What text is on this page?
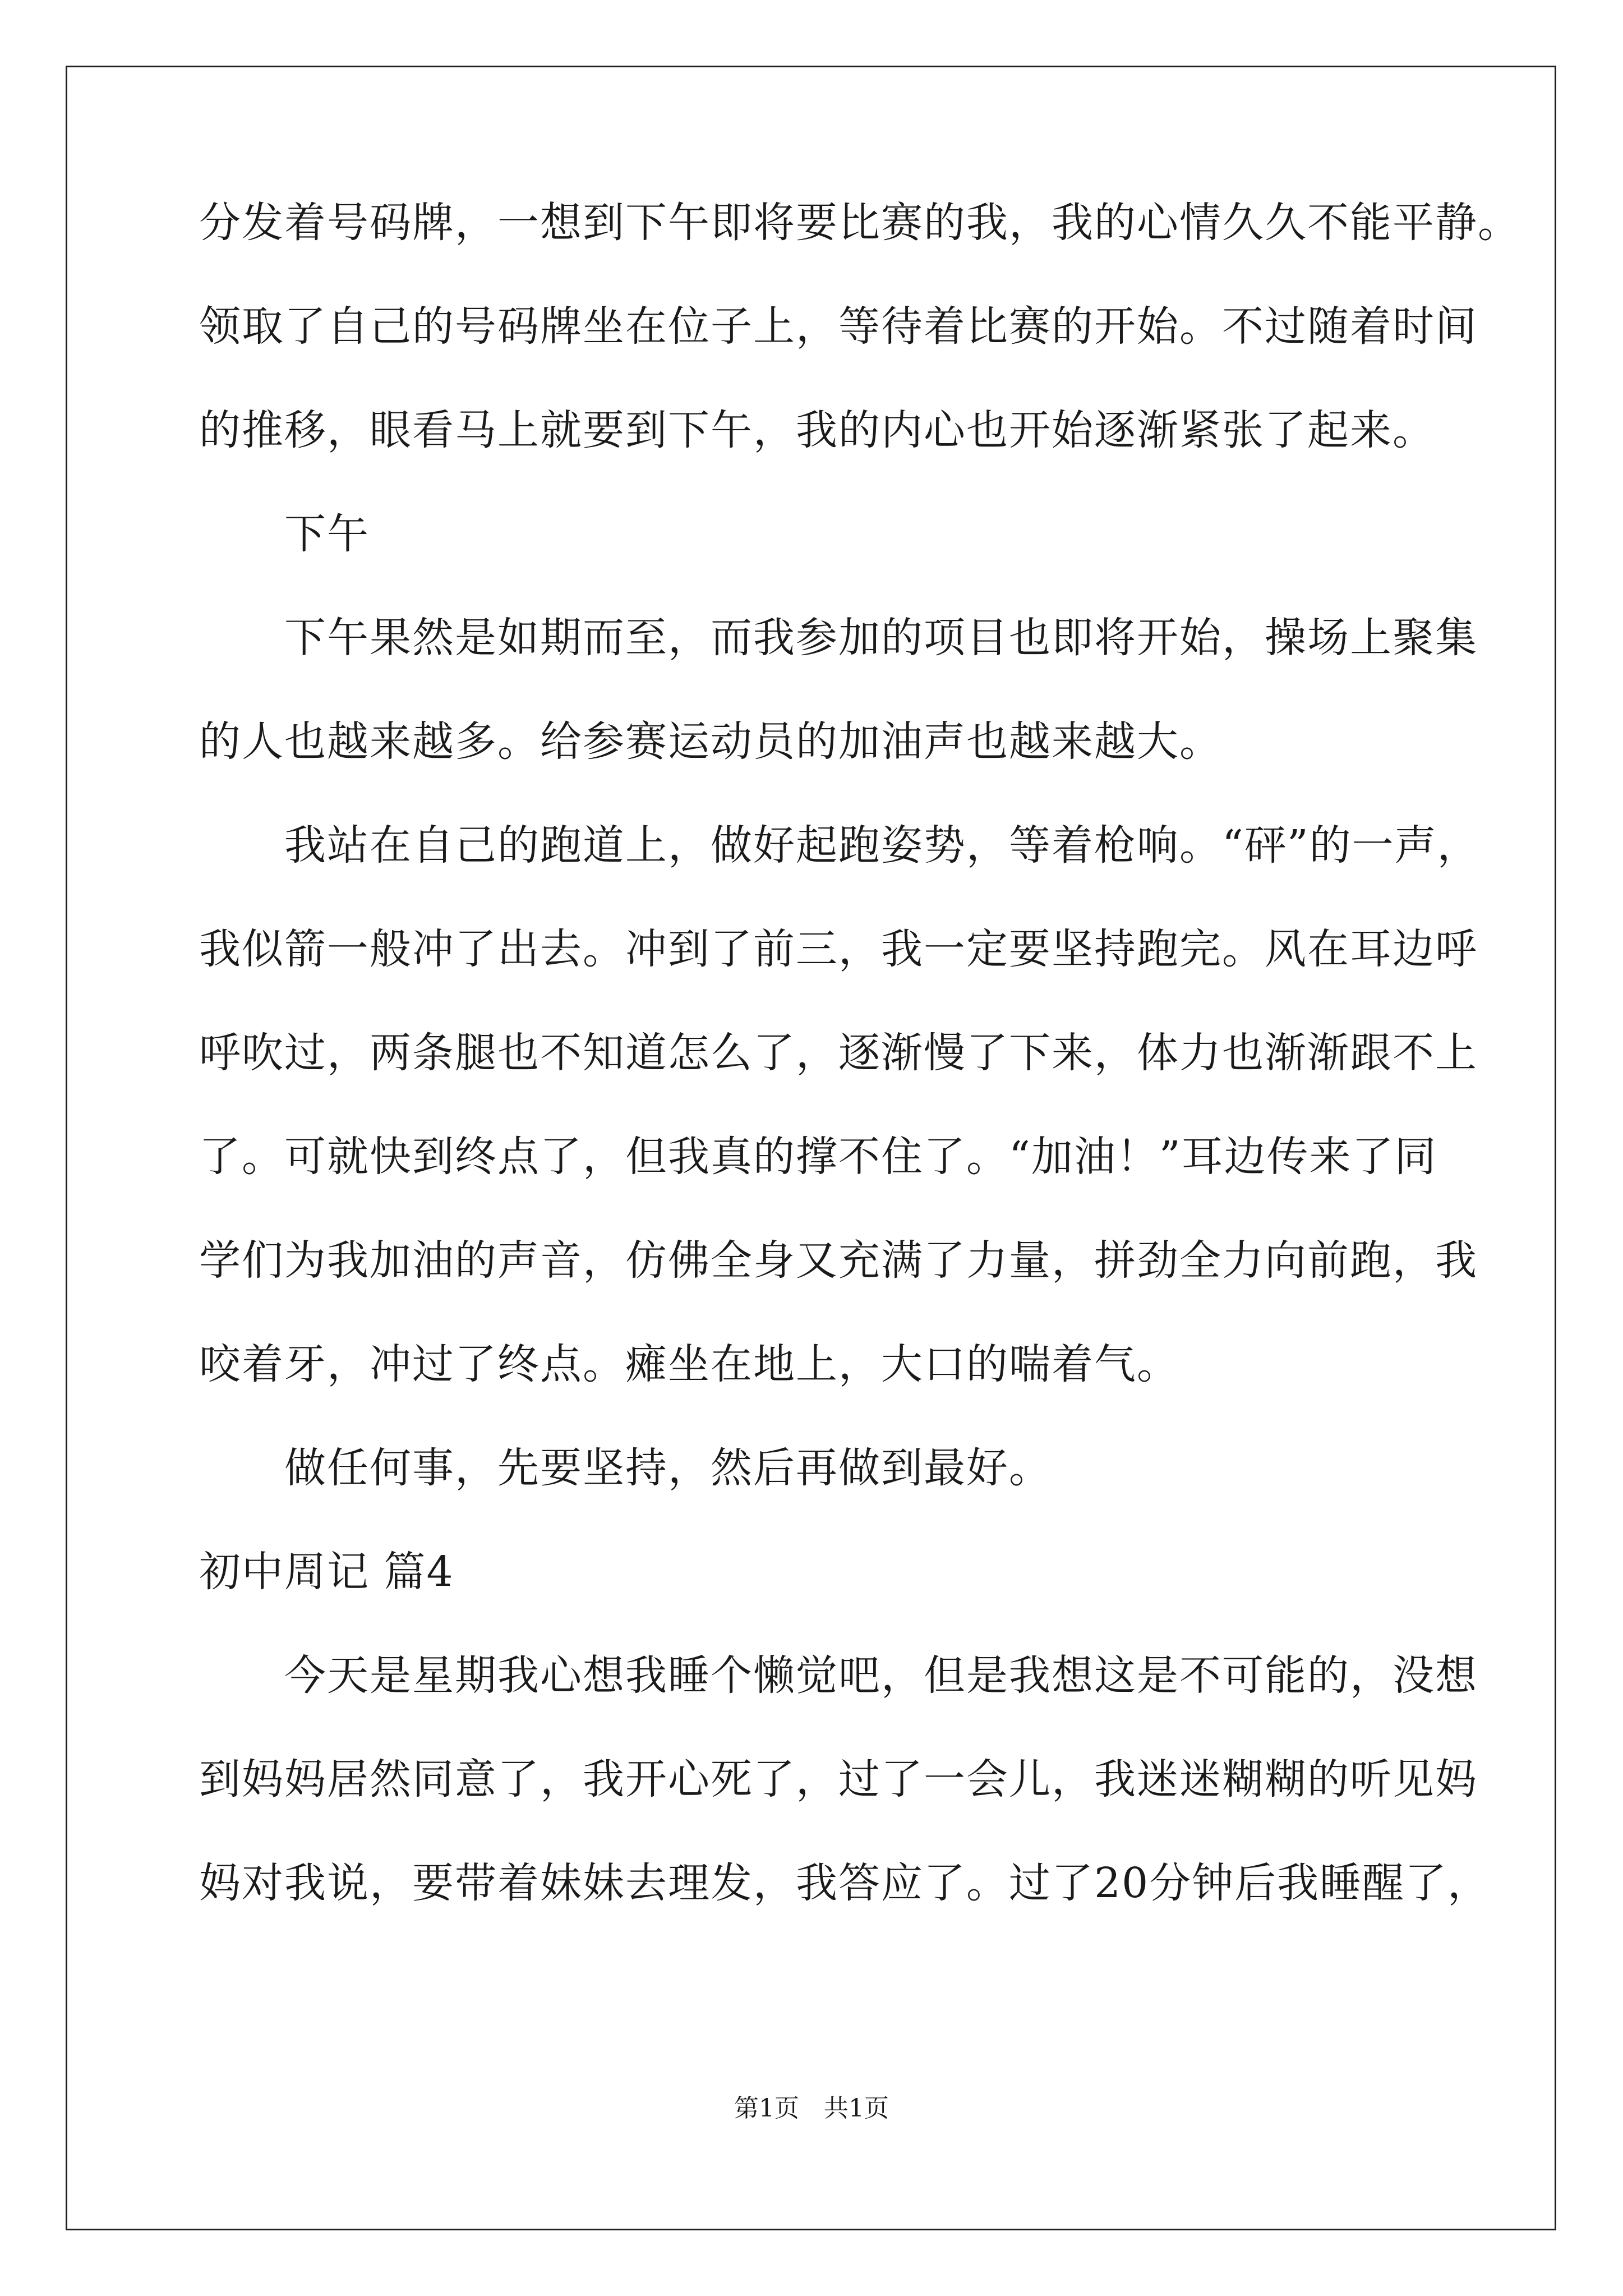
分发着号码牌，一想到下午即将要比赛的我，我的心情久久不能平静。
领取了自己的号码牌坐在位子上，等待着比赛的开始。不过随着时间
的推移，眼看马上就要到下午，我的内心也开始逐渐紧张了起来。
　　下午
　　下午果然是如期而至，而我参加的项目也即将开始，操场上聚集
的人也越来越多。给参赛运动员的加油声也越来越大。
　　我站在自己的跑道上，做好起跑姿势，等着枪响。“砰”的一声，
我似箭一般冲了出去。冲到了前三，我一定要坚持跑完。风在耳边呼
呼吹过，两条腿也不知道怎么了，逐渐慢了下来，体力也渐渐跟不上
了。可就快到终点了，但我真的撑不住了。“加油！”耳边传来了同
学们为我加油的声音，仿佛全身又充满了力量，拼劲全力向前跑，我
咬着牙，冲过了终点。瘫坐在地上，大口的喘着气。
　　做任何事，先要坚持，然后再做到最好。
初中周记 篇4
　　今天是星期我心想我睡个懒觉吧，但是我想这是不可能的，没想
到妈妈居然同意了，我开心死了，过了一会儿，我迷迷糊糊的听见妈
妈对我说，要带着妹妹去理发，我答应了。过了20分钟后我睡醒了，
第1页　共1页
